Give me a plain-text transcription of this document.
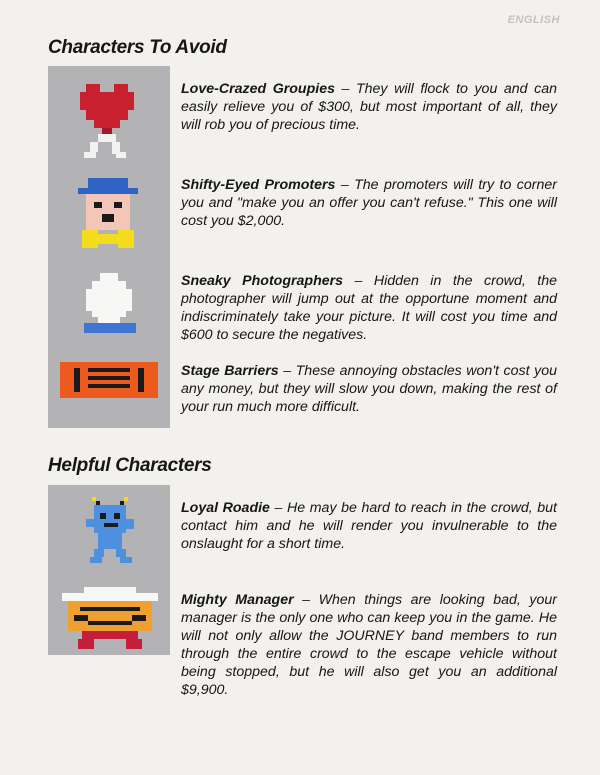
ENGLISH
Characters To Avoid
Love-Crazed Groupies – They will flock to you and can easily relieve you of $300, but most important of all, they will rob you of precious time.
Shifty-Eyed Promoters – The promoters will try to corner you and "make you an offer you can't refuse." This one will cost you $2,000.
Sneaky Photographers – Hidden in the crowd, the photographer will jump out at the opportune moment and indiscriminately take your picture. It will cost you time and $600 to secure the negatives.
Stage Barriers – These annoying obstacles won't cost you any money, but they will slow you down, making the rest of your run much more difficult.
Helpful Characters
Loyal Roadie – He may be hard to reach in the crowd, but contact him and he will render you invulnerable to the onslaught for a short time.
Mighty Manager – When things are looking bad, your manager is the only one who can keep you in the game. He will not only allow the JOURNEY band members to run through the entire crowd to the escape vehicle without being stopped, but he will also get you an additional $9,900.
